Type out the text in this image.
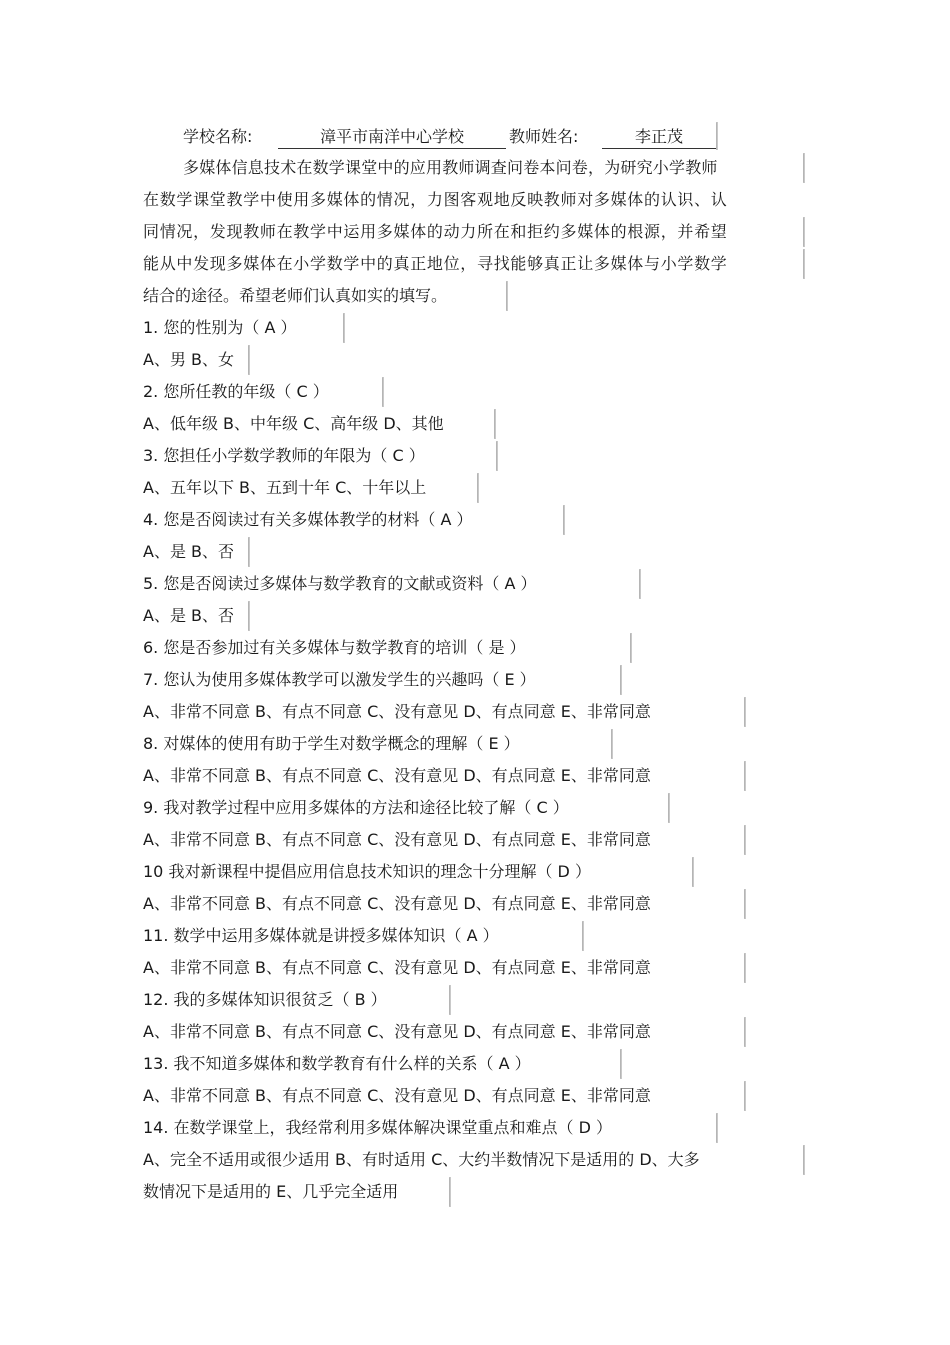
学校名称:	漳平市南洋中心学校	教师姓名:	李正茂
多媒体信息技术在数学课堂中的应用教师调查问卷本问卷，为研究小学教师
在数学课堂教学中使用多媒体的情况，力图客观地反映教师对多媒体的认识、认
同情况，发现教师在教学中运用多媒体的动力所在和拒约多媒体的根源，并希望
能从中发现多媒体在小学数学中的真正地位，寻找能够真正让多媒体与小学数学
结合的途径。希望老师们认真如实的填写。
1. 您的性别为（ A ）
A、男 B、女
2. 您所任教的年级（ C ）
A、低年级 B、中年级 C、高年级 D、其他
3. 您担任小学数学教师的年限为（ C ）
A、五年以下 B、五到十年 C、十年以上
4. 您是否阅读过有关多媒体教学的材料（ A ）
A、是 B、否
5. 您是否阅读过多媒体与数学教育的文献或资料（ A ）
A、是 B、否
6. 您是否参加过有关多媒体与数学教育的培训（ 是 ）
7. 您认为使用多媒体教学可以激发学生的兴趣吗（ E ）
A、非常不同意 B、有点不同意 C、没有意见 D、有点同意 E、非常同意
8. 对媒体的使用有助于学生对数学概念的理解（ E ）
A、非常不同意 B、有点不同意 C、没有意见 D、有点同意 E、非常同意
9. 我对教学过程中应用多媒体的方法和途径比较了解（ C ）
A、非常不同意 B、有点不同意 C、没有意见 D、有点同意 E、非常同意
10 我对新课程中提倡应用信息技术知识的理念十分理解（ D ）
A、非常不同意 B、有点不同意 C、没有意见 D、有点同意 E、非常同意
11. 数学中运用多媒体就是讲授多媒体知识（ A ）
A、非常不同意 B、有点不同意 C、没有意见 D、有点同意 E、非常同意
12. 我的多媒体知识很贫乏（ B ）
A、非常不同意 B、有点不同意 C、没有意见 D、有点同意 E、非常同意
13. 我不知道多媒体和数学教育有什么样的关系（ A ）
A、非常不同意 B、有点不同意 C、没有意见 D、有点同意 E、非常同意
14. 在数学课堂上，我经常利用多媒体解决课堂重点和难点（ D ）
A、完全不适用或很少适用 B、有时适用 C、大约半数情况下是适用的 D、大多
数情况下是适用的 E、几乎完全适用
